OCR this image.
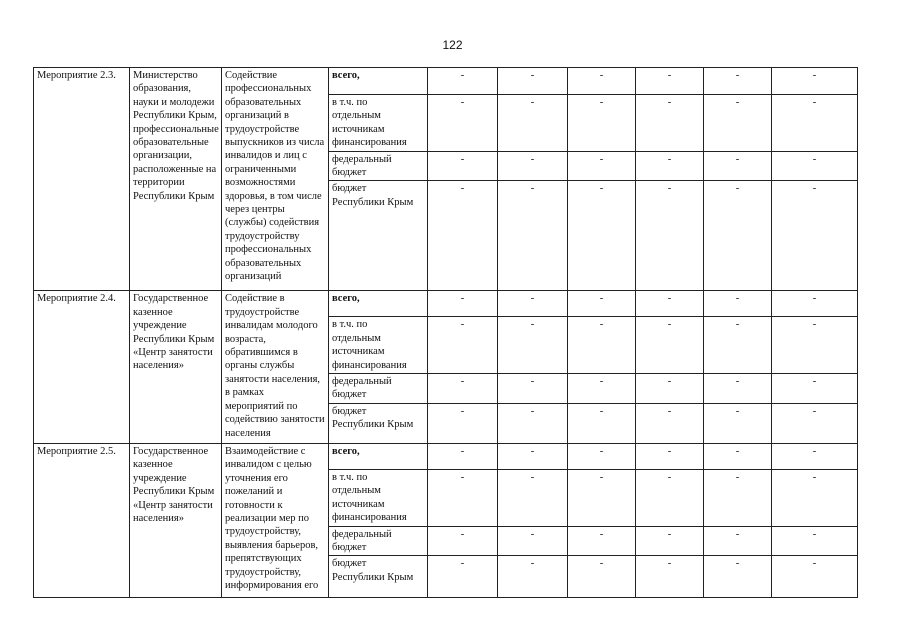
122
Мероприятие 2.3.	Министерство образования, науки и молодежи Республики Крым, профессиональные образовательные организации, расположенные на территории Республики Крым	Содействие профессиональных образовательных организаций в трудоустройстве выпускников из числа инвалидов и лиц с ограниченными возможностями здоровья, в том числе через центры (службы) содействия трудоустройству профессиональных образовательных организаций	всего,	-	-	-	-	-	-
			в т.ч. по
отдельным
источникам
финансирования	-	-	-	-	-	-
			федеральный
бюджет	-	-	-	-	-	-
			бюджет
Республики Крым	-	-	-	-	-	-
Мероприятие 2.4.	Государственное казенное учреждение Республики Крым «Центр занятости населения»	Содействие в трудоустройстве инвалидам молодого возраста, обратившимся в органы службы занятости населения, в рамках мероприятий по содействию занятости населения	всего,	-	-	-	-	-	-
			в т.ч. по
отдельным
источникам
финансирования	-	-	-	-	-	-
			федеральный
бюджет	-	-	-	-	-	-
			бюджет
Республики Крым	-	-	-	-	-	-
Мероприятие 2.5.	Государственное казенное учреждение Республики Крым «Центр занятости населения»	Взаимодействие с инвалидом с целью уточнения его пожеланий и готовности к реализации мер по трудоустройству, выявления барьеров, препятствующих трудоустройству, информирования его	всего,	-	-	-	-	-	-
			в т.ч. по
отдельным
источникам
финансирования	-	-	-	-	-	-
			федеральный
бюджет	-	-	-	-	-	-
			бюджет
Республики Крым	-	-	-	-	-	-
